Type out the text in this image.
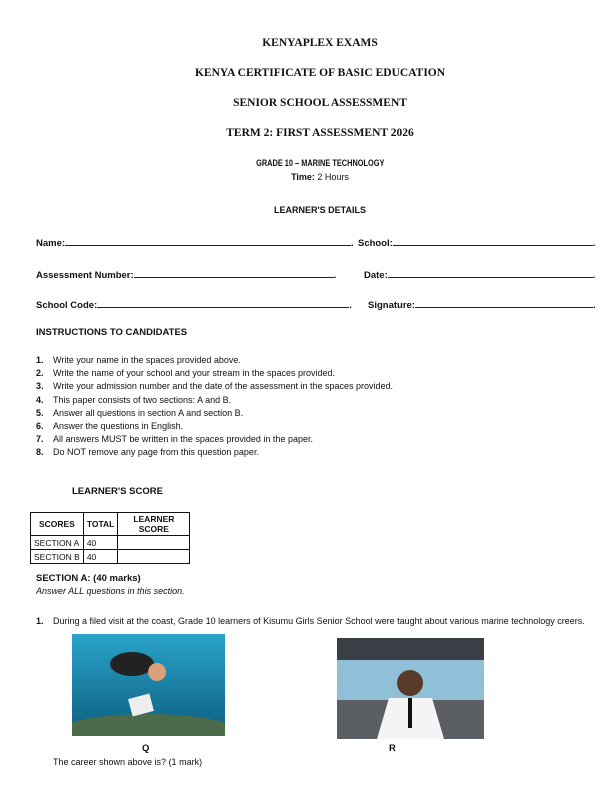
KENYAPLEX EXAMS
KENYA CERTIFICATE OF BASIC EDUCATION
SENIOR SCHOOL ASSESSMENT
TERM 2: FIRST ASSESSMENT 2026
GRADE 10 – MARINE TECHNOLOGY
Time: 2 Hours
LEARNER'S DETAILS
Name:	. School:	.
Assessment Number:	.	Date:	.
School Code:	. Signature:	.
INSTRUCTIONS TO CANDIDATES
1. Write your name in the spaces provided above.
2. Write the name of your school and your stream in the spaces provided.
3. Write your admission number and the date of the assessment in the spaces provided.
4. This paper consists of two sections: A and B.
5. Answer all questions in section A and section B.
6. Answer the questions in English.
7. All answers MUST be written in the spaces provided in the paper.
8. Do NOT remove any page from this question paper.
LEARNER'S SCORE
SCORES	TOTAL	LEARNER SCORE
SECTION A	40	
SECTION B	40	
SECTION A: (40 marks)
Answer ALL questions in this section.
1. During a filed visit at the coast, Grade 10 learners of Kisumu Girls Senior School were taught about various marine technology creers.
Q	R
The career shown above is? (1 mark)
